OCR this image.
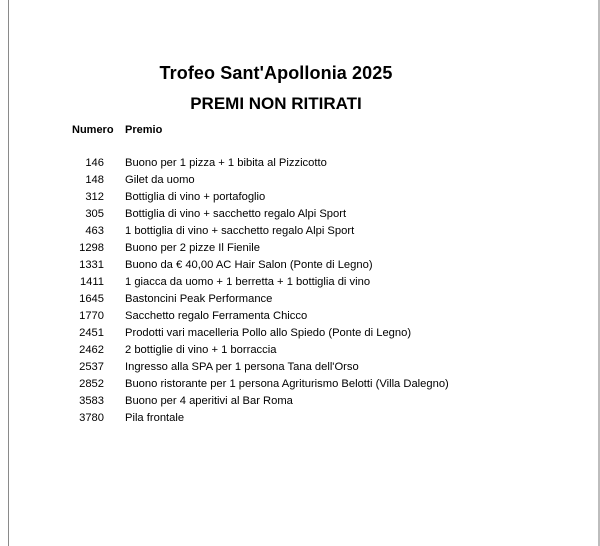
Trofeo Sant'Apollonia 2025
PREMI NON RITIRATI
Numero Premio
146 Buono per 1 pizza + 1 bibita al Pizzicotto
148 Gilet da uomo
312 Bottiglia di vino + portafoglio
305 Bottiglia di vino + sacchetto regalo Alpi Sport
463 1 bottiglia di vino + sacchetto regalo Alpi Sport
1298 Buono per 2 pizze Il Fienile
1331 Buono da € 40,00 AC Hair Salon (Ponte di Legno)
1411 1 giacca da uomo + 1 berretta + 1 bottiglia di vino
1645 Bastoncini Peak Performance
1770 Sacchetto regalo Ferramenta Chicco
2451 Prodotti vari macelleria Pollo allo Spiedo (Ponte di Legno)
2462 2 bottiglie di vino + 1 borraccia
2537 Ingresso alla SPA per 1 persona Tana dell'Orso
2852 Buono ristorante per 1 persona Agriturismo Belotti (Villa Dalegno)
3583 Buono per 4 aperitivi al Bar Roma
3780 Pila frontale
